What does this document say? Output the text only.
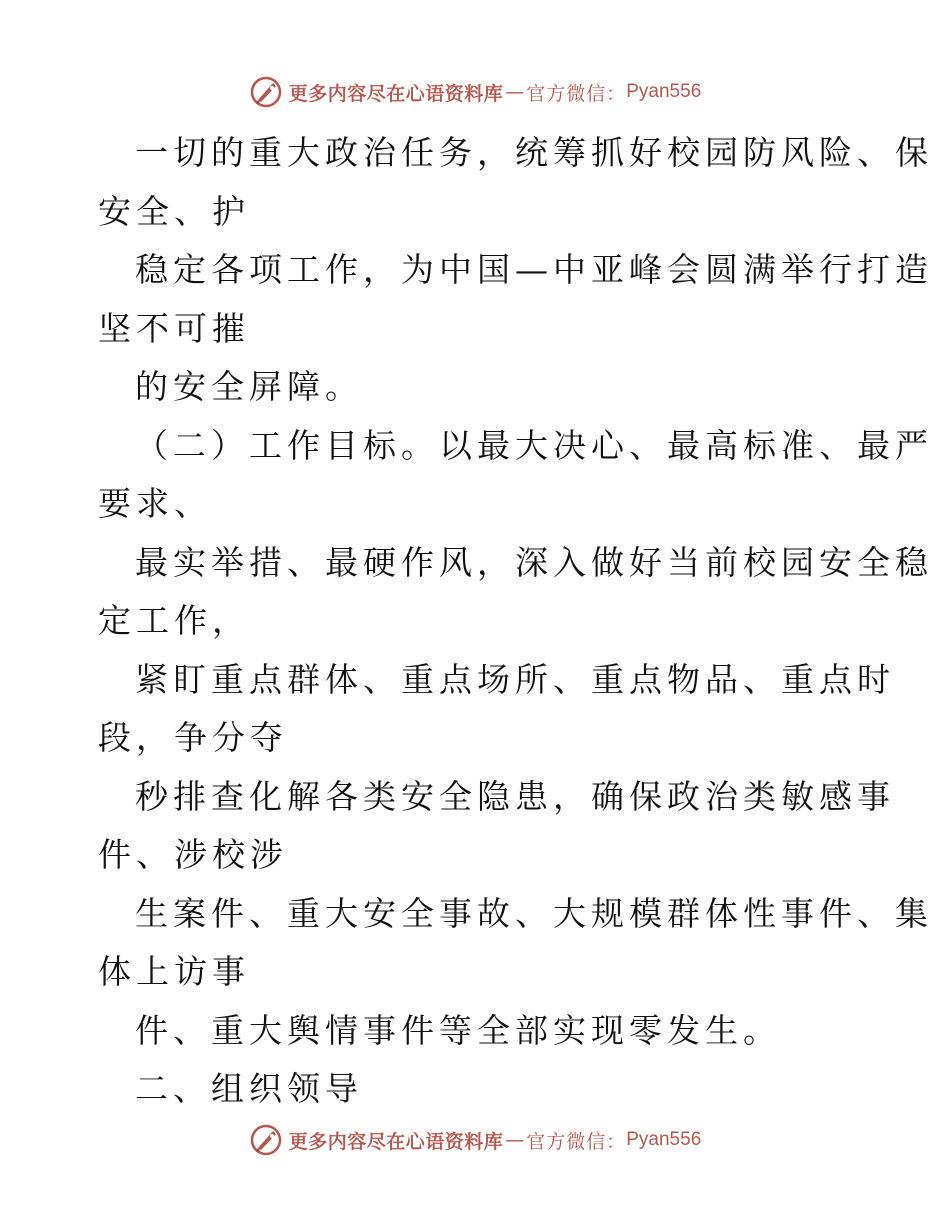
更多内容尽在心语资料库 — 官方微信： Pyan556
一切的重大政治任务，统筹抓好校园防风险、保
安全、护
稳定各项工作，为中国—中亚峰会圆满举行打造
坚不可摧
的安全屏障。
（二）工作目标。以最大决心、最高标准、最严
要求、
最实举措、最硬作风，深入做好当前校园安全稳
定工作，
紧盯重点群体、重点场所、重点物品、重点时
段，争分夺
秒排查化解各类安全隐患，确保政治类敏感事
件、涉校涉
生案件、重大安全事故、大规模群体性事件、集
体上访事
件、重大舆情事件等全部实现零发生。
二、组织领导
更多内容尽在心语资料库 — 官方微信： Pyan556
